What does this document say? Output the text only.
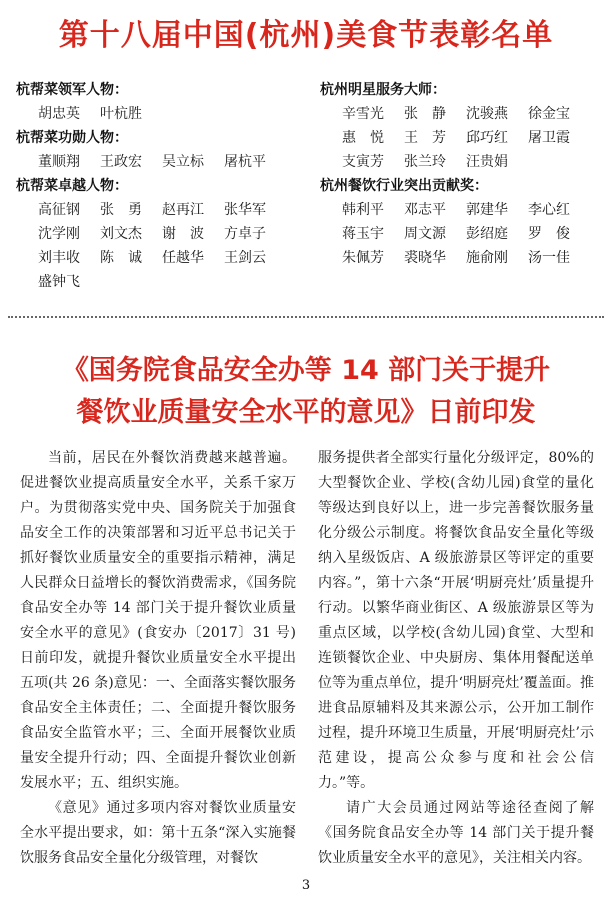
第十八届中国(杭州)美食节表彰名单
杭帮菜领军人物：
胡忠英	叶杭胜
杭帮菜功勋人物：
董顺翔	王政宏	吴立标	屠杭平
杭帮菜卓越人物：
高征钢	张　勇	赵再江	张华军
沈学刚	刘文杰	谢　波	方卓子
刘丰收	陈　诚	任越华	王剑云
盛钟飞
杭州明星服务大师：
辛雪光	张　静	沈骏燕	徐金宝
惠　悦	王　芳	邱巧红	屠卫霞
支寅芳	张兰玲	汪贵娟
杭州餐饮行业突出贡献奖：
韩利平	邓志平	郭建华	李心红
蒋玉宇	周文源	彭绍庭	罗　俊
朱佩芳	裘晓华	施俞刚	汤一佳
《国务院食品安全办等 14 部门关于提升
餐饮业质量安全水平的意见》日前印发

当前，居民在外餐饮消费越来越普遍。促进餐饮业提高质量安全水平，关系千家万户。为贯彻落实党中央、国务院关于加强食品安全工作的决策部署和习近平总书记关于抓好餐饮业质量安全的重要指示精神，满足人民群众日益增长的餐饮消费需求，《国务院食品安全办等 14 部门关于提升餐饮业质量安全水平的意见》(食安办〔2017〕31 号)日前印发，就提升餐饮业质量安全水平提出五项(共 26 条)意见：一、全面落实餐饮服务食品安全主体责任；二、全面提升餐饮服务食品安全监管水平；三、全面开展餐饮业质量安全提升行动；四、全面提升餐饮业创新发展水平；五、组织实施。

《意见》通过多项内容对餐饮业质量安全水平提出要求，如：第十五条“深入实施餐饮服务食品安全量化分级管理，对餐饮

服务提供者全部实行量化分级评定，80%的大型餐饮企业、学校(含幼儿园)食堂的量化等级达到良好以上，进一步完善餐饮服务量化分级公示制度。将餐饮食品安全量化等级纳入星级饭店、A 级旅游景区等评定的重要内容。”，第十六条“开展‘明厨亮灶’质量提升行动。以繁华商业街区、A 级旅游景区等为重点区域，以学校(含幼儿园)食堂、大型和连锁餐饮企业、中央厨房、集体用餐配送单位等为重点单位，提升‘明厨亮灶’覆盖面。推进食品原辅料及其来源公示，公开加工制作过程，提升环境卫生质量，开展‘明厨亮灶’示范建设，提高公众参与度和社会公信力。”等。

请广大会员通过网站等途径查阅了解《国务院食品安全办等 14 部门关于提升餐饮业质量安全水平的意见》，关注相关内容。

3
